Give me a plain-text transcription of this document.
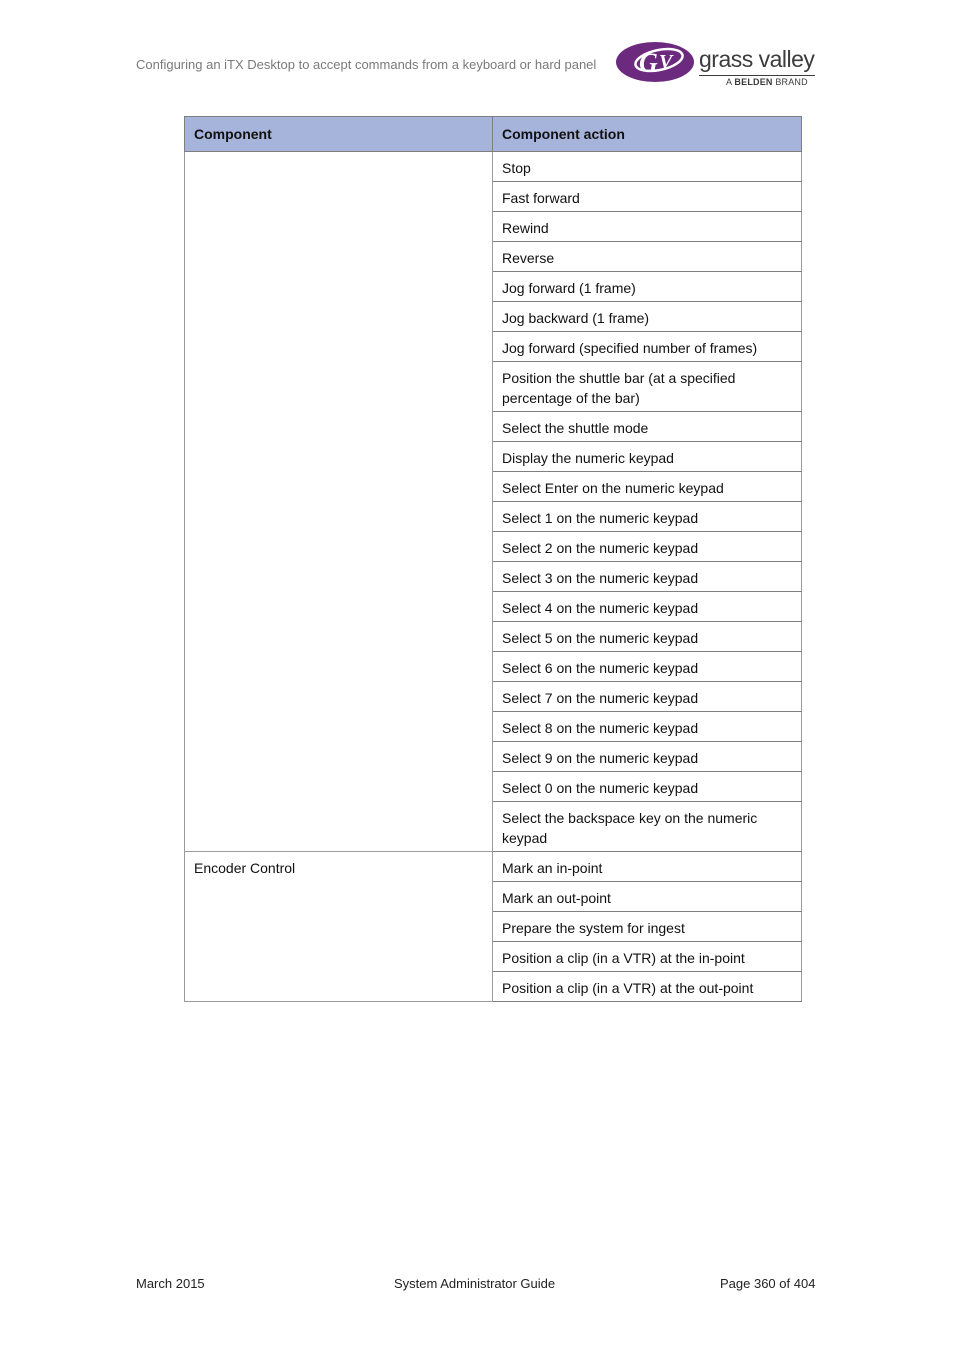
Configuring an iTX Desktop to accept commands from a keyboard or hard panel G V grass valley
A BELDEN BRAND
Component	Component action
	Stop
	Fast forward
	Rewind
	Reverse
	Jog forward (1 frame)
	Jog backward (1 frame)
	Jog forward (specified number of frames)
	Position the shuttle bar (at a specified percentage of the bar)
	Select the shuttle mode
	Display the numeric keypad
	Select Enter on the numeric keypad
	Select 1 on the numeric keypad
	Select 2 on the numeric keypad
	Select 3 on the numeric keypad
	Select 4 on the numeric keypad
	Select 5 on the numeric keypad
	Select 6 on the numeric keypad
	Select 7 on the numeric keypad
	Select 8 on the numeric keypad
	Select 9 on the numeric keypad
	Select 0 on the numeric keypad
	Select the backspace key on the numeric keypad
Encoder Control	Mark an in-point
	Mark an out-point
	Prepare the system for ingest
	Position a clip (in a VTR) at the in-point
	Position a clip (in a VTR) at the out-point
March 2015	System Administrator Guide	Page 360 of 404
